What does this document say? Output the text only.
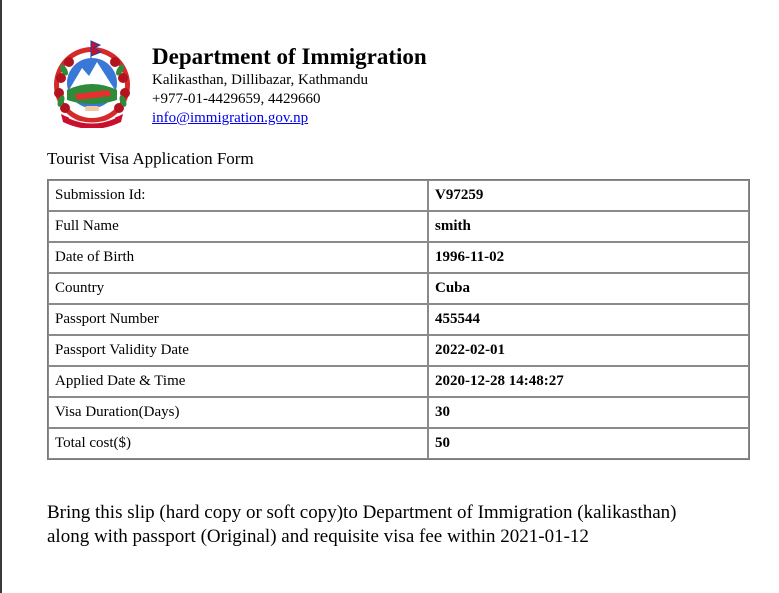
Department of Immigration
Kalikasthan, Dillibazar, Kathmandu
+977-01-4429659, 4429660
info@immigration.gov.np
Tourist Visa Application Form
Submission Id:	V97259
Full Name	smith
Date of Birth	1996-11-02
Country	Cuba
Passport Number	455544
Passport Validity Date	2022-02-01
Applied Date & Time	2020-12-28 14:48:27
Visa Duration(Days)	30
Total cost($)	50
Bring this slip (hard copy or soft copy)to Department of Immigration (kalikasthan)
along with passport (Original) and requisite visa fee within 2021-01-12
